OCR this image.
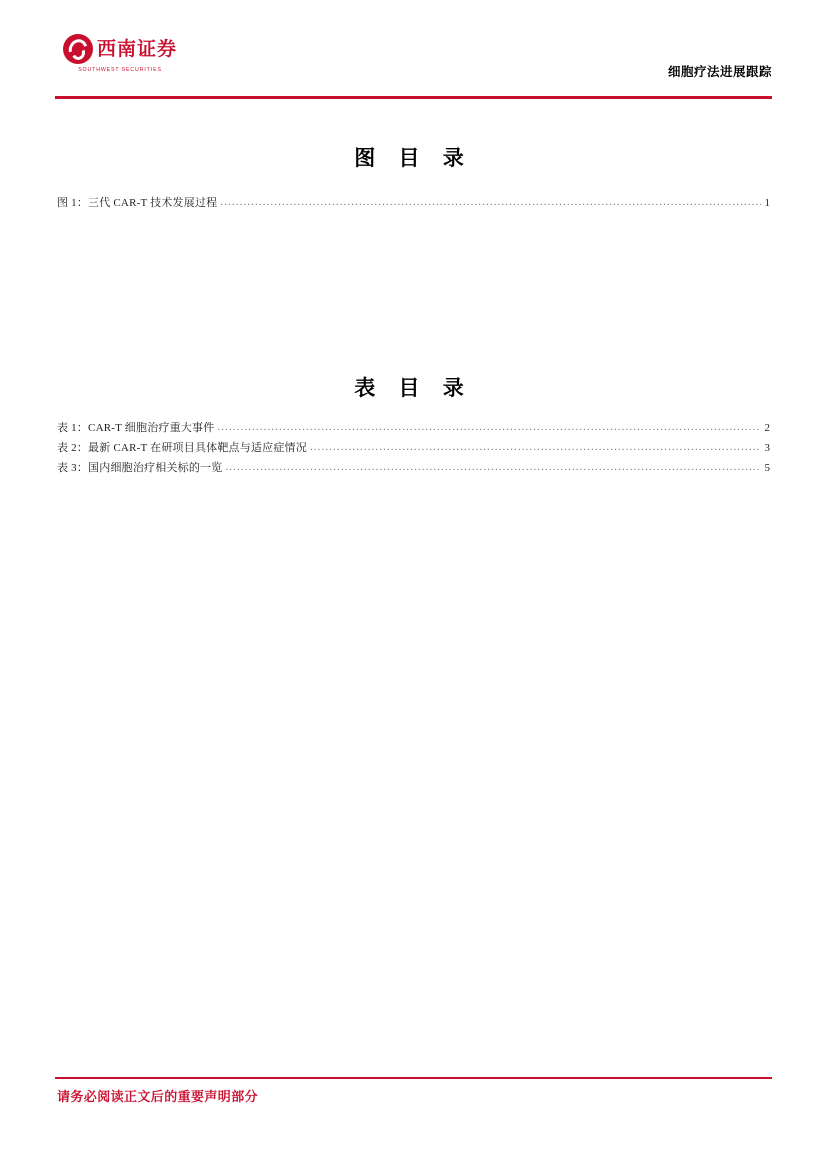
西南证券
SOUTHWEST SECURITIES	细胞疗法进展跟踪
图 目 录
图 1：三代 CAR-T 技术发展过程 .....	1
表 目 录
表 1：CAR-T 细胞治疗重大事件 .....	2
表 2：最新 CAR-T 在研项目具体靶点与适应症情况 .....	3
表 3：国内细胞治疗相关标的一览 .....	5
请务必阅读正文后的重要声明部分
